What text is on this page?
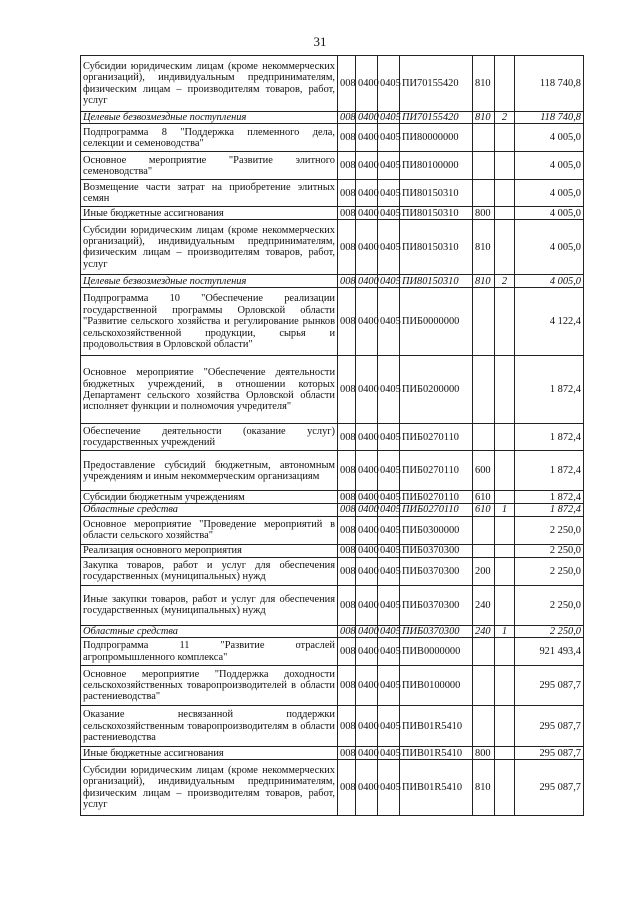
31
Субсидии юридическим лицам (кроме некоммерческих организаций), индивидуальным предпринимателям, физическим лицам – производителям товаров, работ, услуг	008	0400	0405	ПИ70155420	810		118 740,8
Целевые безвозмездные поступления	008	0400	0405	ПИ70155420	810	2	118 740,8
Подпрограмма 8 "Поддержка племенного дела, селекции и семеноводства"	008	0400	0405	ПИ80000000			4 005,0
Основное мероприятие "Развитие элитного семеноводства"	008	0400	0405	ПИ80100000			4 005,0
Возмещение части затрат на приобретение элитных семян	008	0400	0405	ПИ80150310			4 005,0
Иные бюджетные ассигнования	008	0400	0405	ПИ80150310	800		4 005,0
Субсидии юридическим лицам (кроме некоммерческих организаций), индивидуальным предпринимателям, физическим лицам – производителям товаров, работ, услуг	008	0400	0405	ПИ80150310	810		4 005,0
Целевые безвозмездные поступления	008	0400	0405	ПИ80150310	810	2	4 005,0
Подпрограмма 10 "Обеспечение реализации государственной программы Орловской области "Развитие сельского хозяйства и регулирование рынков сельскохозяйственной продукции, сырья и продовольствия в Орловской области"	008	0400	0405	ПИБ0000000			4 122,4
Основное мероприятие "Обеспечение деятельности бюджетных учреждений, в отношении которых Департамент сельского хозяйства Орловской области исполняет функции и полномочия учредителя"	008	0400	0405	ПИБ0200000			1 872,4
Обеспечение деятельности (оказание услуг) государственных учреждений	008	0400	0405	ПИБ0270110			1 872,4
Предоставление субсидий бюджетным, автономным учреждениям и иным некоммерческим организациям	008	0400	0405	ПИБ0270110	600		1 872,4
Субсидии бюджетным учреждениям	008	0400	0405	ПИБ0270110	610		1 872,4
Областные средства	008	0400	0405	ПИБ0270110	610	1	1 872,4
Основное мероприятие "Проведение мероприятий в области сельского хозяйства"	008	0400	0405	ПИБ0300000			2 250,0
Реализация основного мероприятия	008	0400	0405	ПИБ0370300			2 250,0
Закупка товаров, работ и услуг для обеспечения государственных (муниципальных) нужд	008	0400	0405	ПИБ0370300	200		2 250,0
Иные закупки товаров, работ и услуг для обеспечения государственных (муниципальных) нужд	008	0400	0405	ПИБ0370300	240		2 250,0
Областные средства	008	0400	0405	ПИБ0370300	240	1	2 250,0
Подпрограмма 11 "Развитие отраслей агропромышленного комплекса"	008	0400	0405	ПИВ0000000			921 493,4
Основное мероприятие "Поддержка доходности сельскохозяйственных товаропроизводителей в области растениеводства"	008	0400	0405	ПИВ0100000			295 087,7
Оказание несвязанной поддержки сельскохозяйственным товаропроизводителям в области растениеводства	008	0400	0405	ПИВ01R5410			295 087,7
Иные бюджетные ассигнования	008	0400	0405	ПИВ01R5410	800		295 087,7
Субсидии юридическим лицам (кроме некоммерческих организаций), индивидуальным предпринимателям, физическим лицам – производителям товаров, работ, услуг	008	0400	0405	ПИВ01R5410	810		295 087,7
